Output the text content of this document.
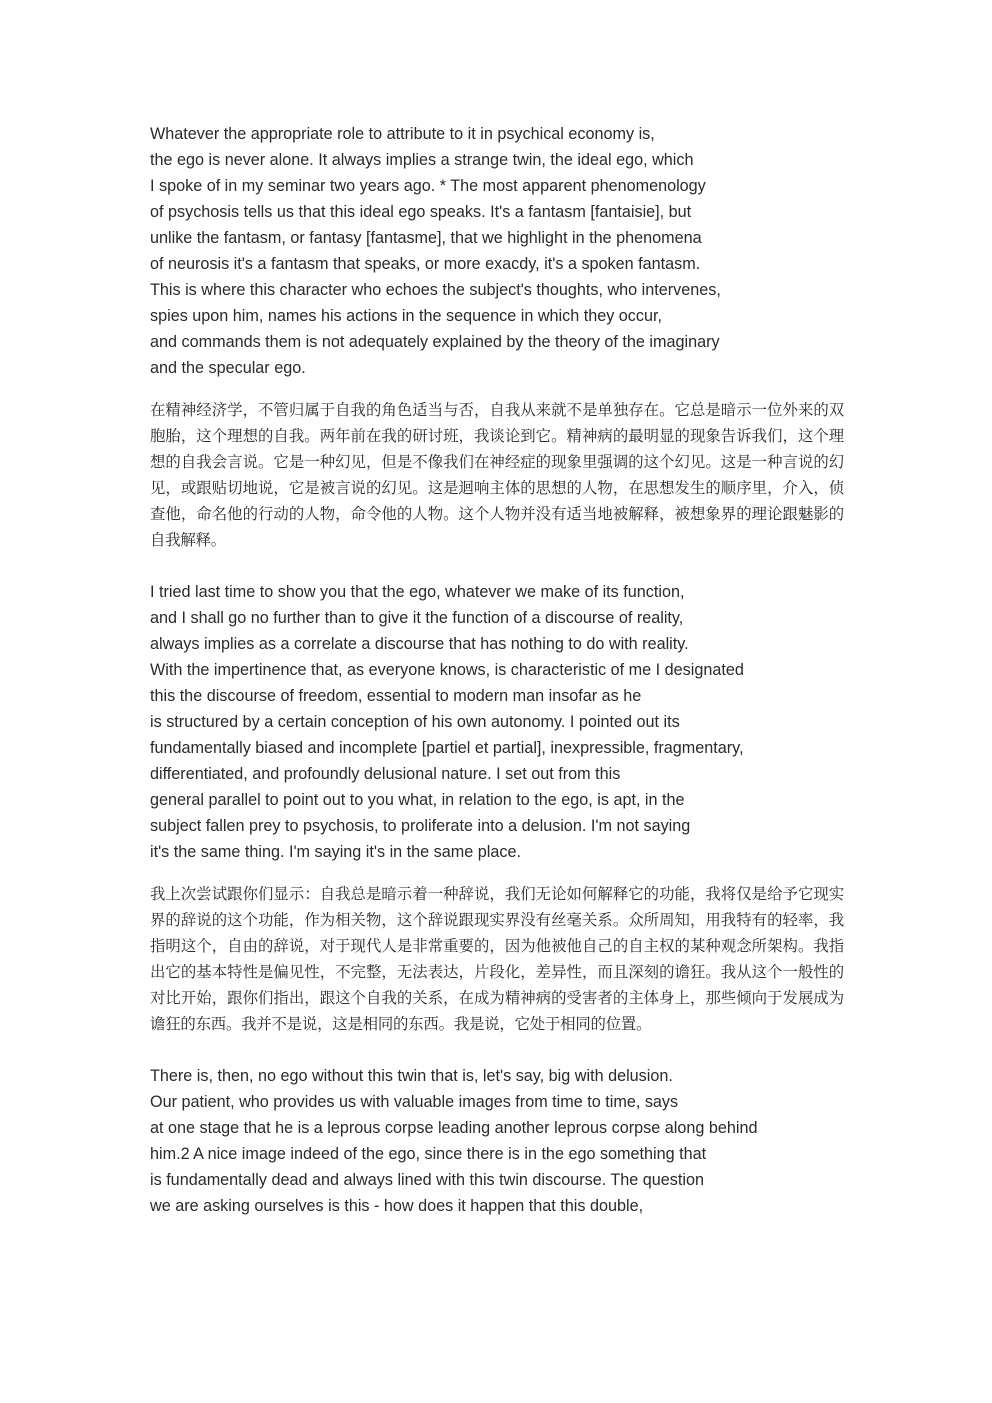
Whatever the appropriate role to attribute to it in psychical economy is,
the ego is never alone. It always implies a strange twin, the ideal ego, which
I spoke of in my seminar two years ago. * The most apparent phenomenology
of psychosis tells us that this ideal ego speaks. It's a fantasm [fantaisie], but
unlike the fantasm, or fantasy [fantasme], that we highlight in the phenomena
of neurosis it's a fantasm that speaks, or more exacdy, it's a spoken fantasm.
This is where this character who echoes the subject's thoughts, who intervenes,
spies upon him, names his actions in the sequence in which they occur,
and commands them is not adequately explained by the theory of the imaginary
and the specular ego.

在精神经济学，不管归属于自我的角色适当与否，自我从来就不是单独存在。它总是暗示一位外来的双胞胎，这个理想的自我。两年前在我的研讨班，我谈论到它。精神病的最明显的现象告诉我们，这个理想的自我会言说。它是一种幻见，但是不像我们在神经症的现象里强调的这个幻见。这是一种言说的幻见，或跟贴切地说，它是被言说的幻见。这是迴响主体的思想的人物，在思想发生的顺序里，介入，侦查他，命名他的行动的人物，命令他的人物。这个人物并没有适当地被解释，被想象界的理论跟魅影的自我解释。

I tried last time to show you that the ego, whatever we make of its function,
and I shall go no further than to give it the function of a discourse of reality,
always implies as a correlate a discourse that has nothing to do with reality.
With the impertinence that, as everyone knows, is characteristic of me I designated
this the discourse of freedom, essential to modern man insofar as he
is structured by a certain conception of his own autonomy. I pointed out its
fundamentally biased and incomplete [partiel et partial], inexpressible, fragmentary,
differentiated, and profoundly delusional nature. I set out from this
general parallel to point out to you what, in relation to the ego, is apt, in the
subject fallen prey to psychosis, to proliferate into a delusion. I'm not saying
it's the same thing. I'm saying it's in the same place.

我上次尝试跟你们显示：自我总是暗示着一种辞说，我们无论如何解释它的功能，我将仅是给予它现实界的辞说的这个功能，作为相关物，这个辞说跟现实界没有丝毫关系。众所周知，用我特有的轻率，我指明这个，自由的辞说，对于现代人是非常重要的，因为他被他自己的自主权的某种观念所架构。我指出它的基本特性是偏见性，不完整，无法表达，片段化，差异性，而且深刻的谵狂。我从这个一般性的对比开始，跟你们指出，跟这个自我的关系，在成为精神病的受害者的主体身上，那些倾向于发展成为谵狂的东西。我并不是说，这是相同的东西。我是说，它处于相同的位置。

There is, then, no ego without this twin that is, let's say, big with delusion.
Our patient, who provides us with valuable images from time to time, says
at one stage that he is a leprous corpse leading another leprous corpse along behind
him.2 A nice image indeed of the ego, since there is in the ego something that
is fundamentally dead and always lined with this twin discourse. The question
we are asking ourselves is this - how does it happen that this double,
